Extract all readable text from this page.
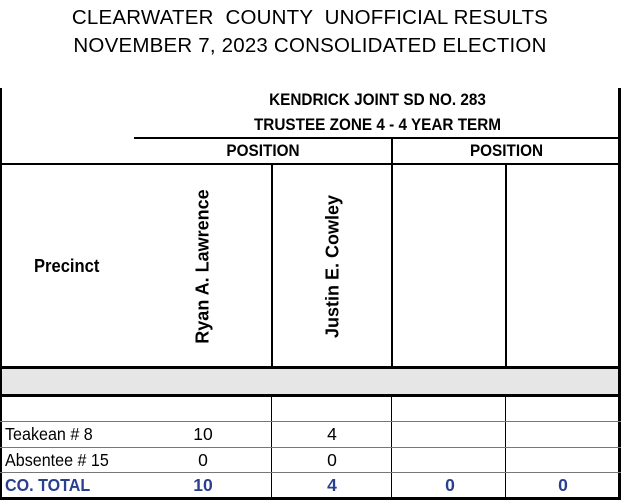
CLEARWATER  COUNTY  UNOFFICIAL RESULTS
NOVEMBER 7, 2023 CONSOLIDATED ELECTION
KENDRICK JOINT SD NO. 283
TRUSTEE ZONE 4 - 4 YEAR TERM
POSITION	POSITION
Precinct	Ryan A. Lawrence	Justin E. Cowley
Teakean # 8	10	4
Absentee # 15	0	0
CO. TOTAL	10	4	0	0
